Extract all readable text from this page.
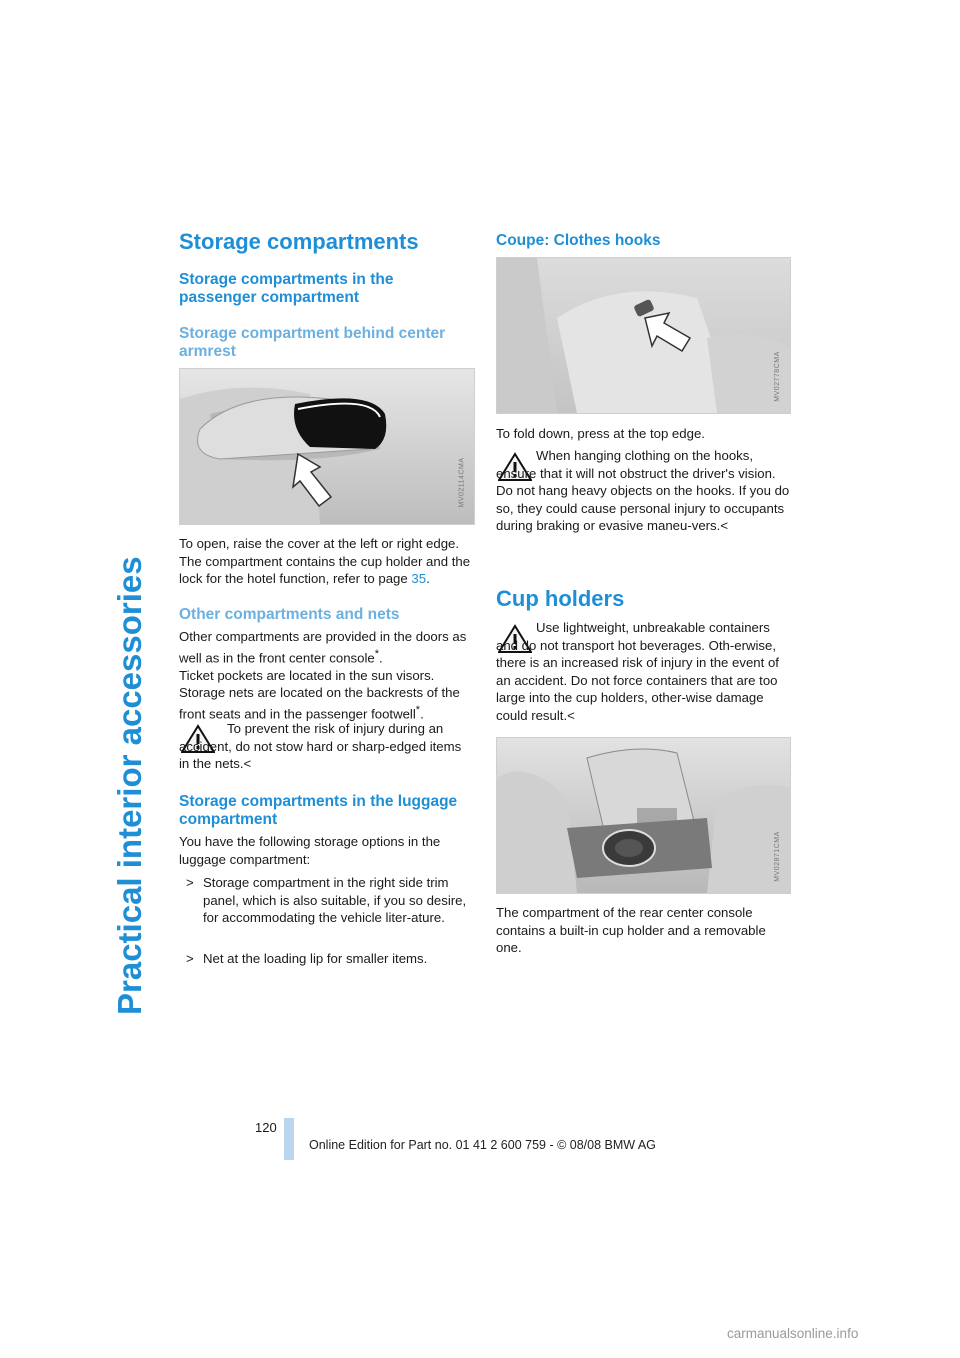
Practical interior accessories
Storage compartments
Storage compartments in the passenger compartment
Storage compartment behind center armrest
MV02114CMA

To open, raise the cover at the left or right edge. The compartment contains the cup holder and the lock for the hotel function, refer to page 35.

Other compartments and nets

Other compartments are provided in the doors as well as in the front center console*.
Ticket pockets are located in the sun visors.
Storage nets are located on the backrests of the front seats and in the passenger footwell*.

To prevent the risk of injury during an accident, do not stow hard or sharp-edged items in the nets.<

Storage compartments in the luggage compartment

You have the following storage options in the luggage compartment:

> Storage compartment in the right side trim panel, which is also suitable, if you so desire, for accommodating the vehicle liter-ature.

> Net at the loading lip for smaller items.

Coupe: Clothes hooks
MV02778CMA

To fold down, press at the top edge.

When hanging clothing on the hooks, ensure that it will not obstruct the driver's vision. Do not hang heavy objects on the hooks. If you do so, they could cause personal injury to occupants during braking or evasive maneu-vers.<

Cup holders

Use lightweight, unbreakable containers and do not transport hot beverages. Oth-erwise, there is an increased risk of injury in the event of an accident. Do not force containers that are too large into the cup holders, other-wise damage could result.<

MV02871CMA

The compartment of the rear center console contains a built-in cup holder and a removable one.

120
Online Edition for Part no. 01 41 2 600 759 - © 08/08 BMW AG
carmanualsonline.info
